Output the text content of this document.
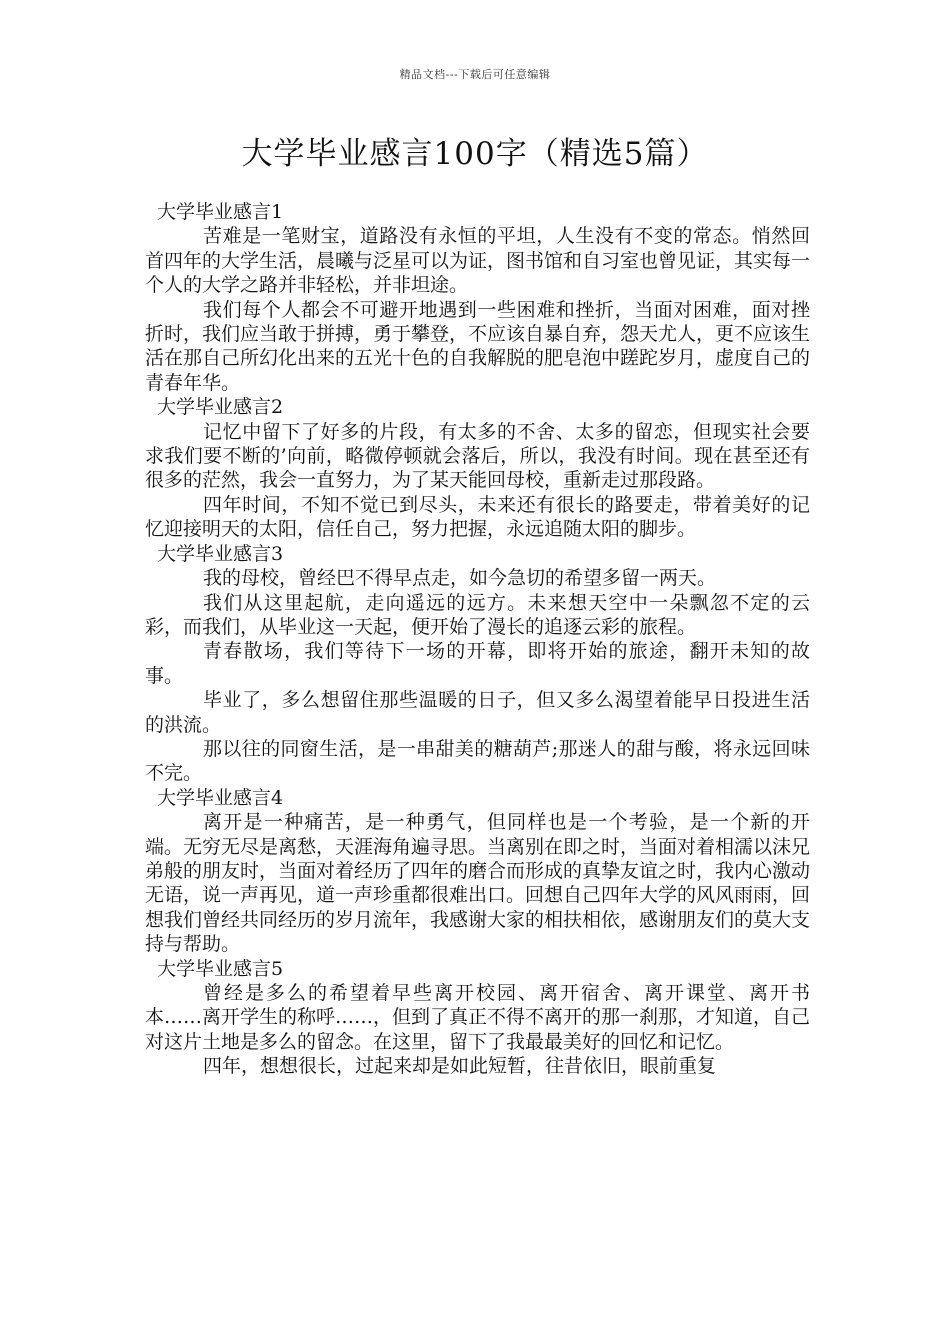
精品文档---下载后可任意编辑
大学毕业感言100字（精选5篇）

大学毕业感言1

苦难是一笔财宝，道路没有永恒的平坦，人生没有不变的常态。悄然回首四年的大学生活，晨曦与泛星可以为证，图书馆和自习室也曾见证，其实每一个人的大学之路并非轻松，并非坦途。

我们每个人都会不可避开地遇到一些困难和挫折，当面对困难，面对挫折时，我们应当敢于拼搏，勇于攀登，不应该自暴自弃，怨天尤人，更不应该生活在那自己所幻化出来的五光十色的自我解脱的肥皂泡中蹉跎岁月，虚度自己的青春年华。

大学毕业感言2

记忆中留下了好多的片段，有太多的不舍、太多的留恋，但现实社会要求我们要不断的’向前，略微停顿就会落后，所以，我没有时间。现在甚至还有很多的茫然，我会一直努力，为了某天能回母校，重新走过那段路。

四年时间，不知不觉已到尽头，未来还有很长的路要走，带着美好的记忆迎接明天的太阳，信任自己，努力把握，永远追随太阳的脚步。

大学毕业感言3

我的母校，曾经巴不得早点走，如今急切的希望多留一两天。

我们从这里起航，走向遥远的远方。未来想天空中一朵飘忽不定的云彩，而我们，从毕业这一天起，便开始了漫长的追逐云彩的旅程。

青春散场，我们等待下一场的开幕，即将开始的旅途，翻开未知的故事。

毕业了，多么想留住那些温暖的日子，但又多么渴望着能早日投进生活的洪流。

那以往的同窗生活，是一串甜美的糖葫芦;那迷人的甜与酸，将永远回味不完。

大学毕业感言4

离开是一种痛苦，是一种勇气，但同样也是一个考验，是一个新的开端。无穷无尽是离愁，天涯海角遍寻思。当离别在即之时，当面对着相濡以沫兄弟般的朋友时，当面对着经历了四年的磨合而形成的真挚友谊之时，我内心激动无语，说一声再见，道一声珍重都很难出口。回想自己四年大学的风风雨雨，回想我们曾经共同经历的岁月流年，我感谢大家的相扶相依，感谢朋友们的莫大支持与帮助。

大学毕业感言5

曾经是多么的希望着早些离开校园、离开宿舍、离开课堂、离开书本……离开学生的称呼……，但到了真正不得不离开的那一刹那，才知道，自己对这片土地是多么的留念。在这里，留下了我最最美好的回忆和记忆。

四年，想想很长，过起来却是如此短暂，往昔依旧，眼前重复
